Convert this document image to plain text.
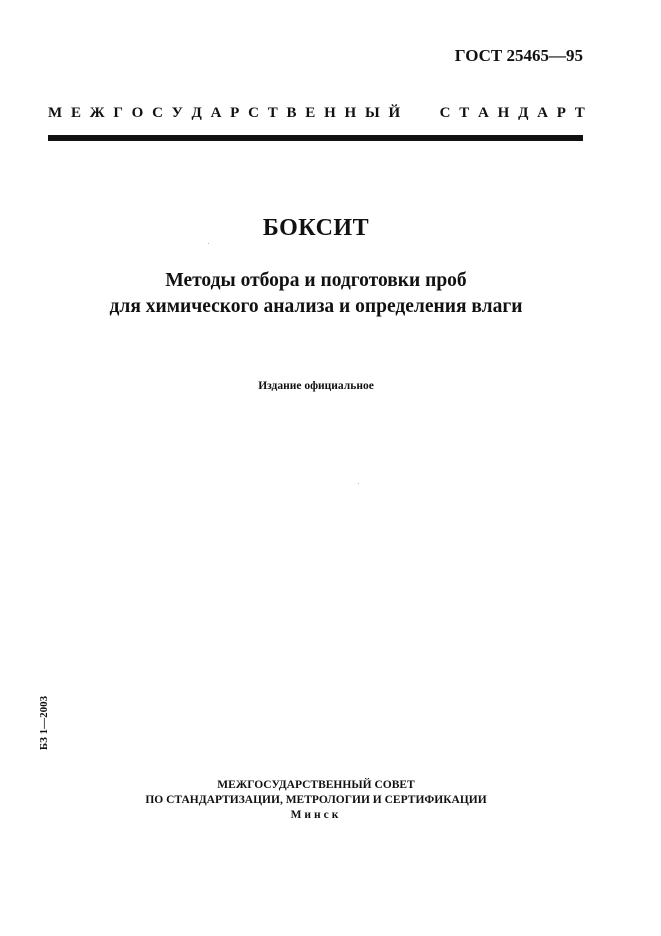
ГОСТ 25465—95
М Е Ж Г О С У Д А Р С Т В Е Н Н Ы Й	С Т А Н Д А Р Т
БОКСИТ
Методы отбора и подготовки проб
для химического анализа и определения влаги
Издание официальное
БЗ 1—2003
МЕЖГОСУДАРСТВЕННЫЙ СОВЕТ
ПО СТАНДАРТИЗАЦИИ, МЕТРОЛОГИИ И СЕРТИФИКАЦИИ
Минск
